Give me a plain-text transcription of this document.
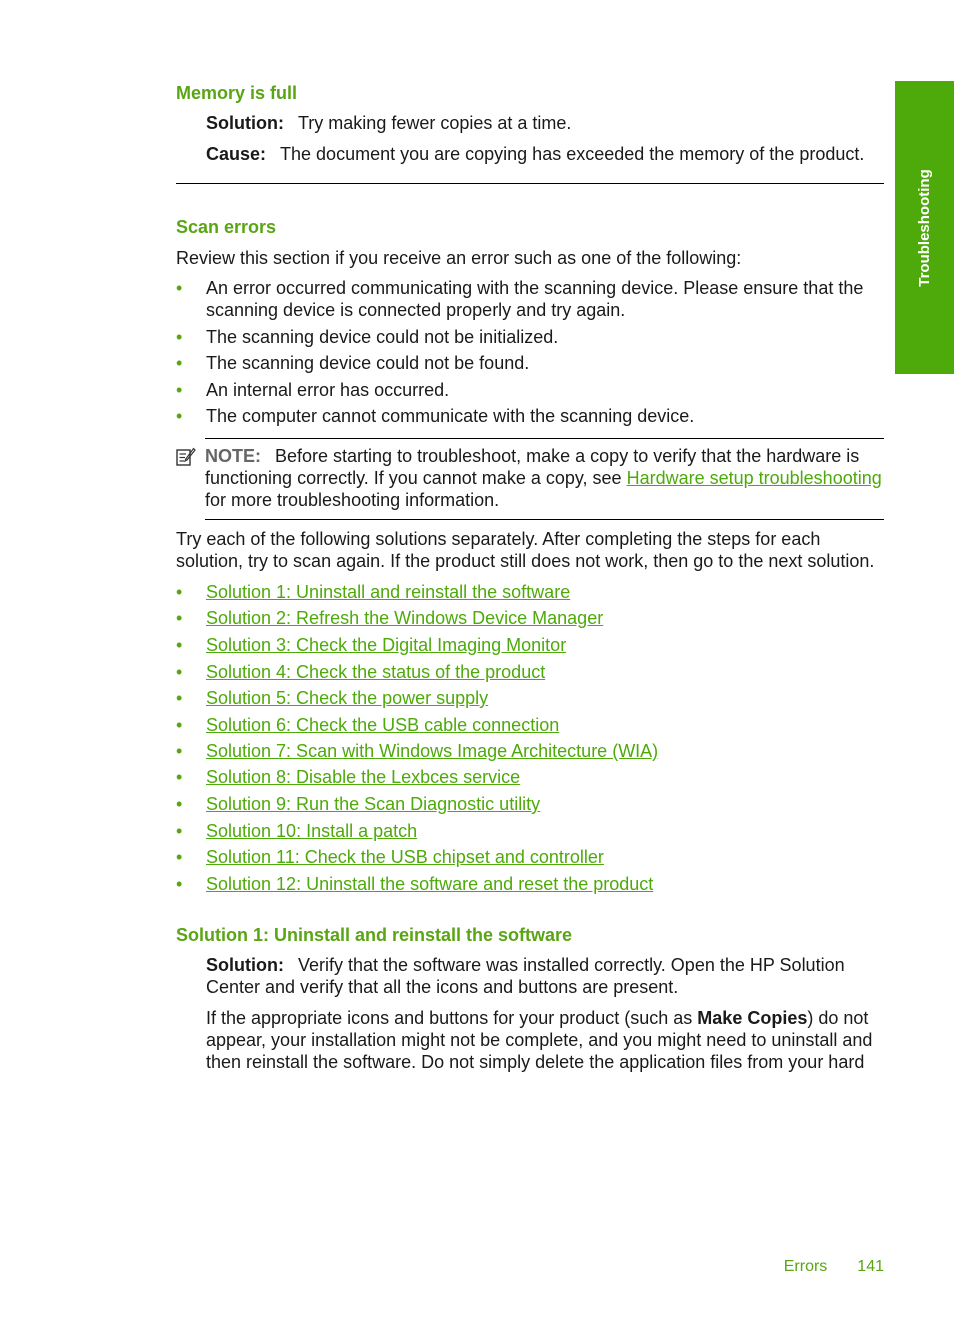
Troubleshooting
Memory is full
Solution: Try making fewer copies at a time.
Cause: The document you are copying has exceeded the memory of the product.
Scan errors
Review this section if you receive an error such as one of the following:
• An error occurred communicating with the scanning device. Please ensure that the scanning device is connected properly and try again.
• The scanning device could not be initialized.
• The scanning device could not be found.
• An internal error has occurred.
• The computer cannot communicate with the scanning device.
NOTE: Before starting to troubleshoot, make a copy to verify that the hardware is functioning correctly. If you cannot make a copy, see Hardware setup troubleshooting for more troubleshooting information.
Try each of the following solutions separately. After completing the steps for each solution, try to scan again. If the product still does not work, then go to the next solution.
• Solution 1: Uninstall and reinstall the software
• Solution 2: Refresh the Windows Device Manager
• Solution 3: Check the Digital Imaging Monitor
• Solution 4: Check the status of the product
• Solution 5: Check the power supply
• Solution 6: Check the USB cable connection
• Solution 7: Scan with Windows Image Architecture (WIA)
• Solution 8: Disable the Lexbces service
• Solution 9: Run the Scan Diagnostic utility
• Solution 10: Install a patch
• Solution 11: Check the USB chipset and controller
• Solution 12: Uninstall the software and reset the product
Solution 1: Uninstall and reinstall the software
Solution: Verify that the software was installed correctly. Open the HP Solution Center and verify that all the icons and buttons are present.
If the appropriate icons and buttons for your product (such as Make Copies) do not appear, your installation might not be complete, and you might need to uninstall and then reinstall the software. Do not simply delete the application files from your hard
Errors 141
